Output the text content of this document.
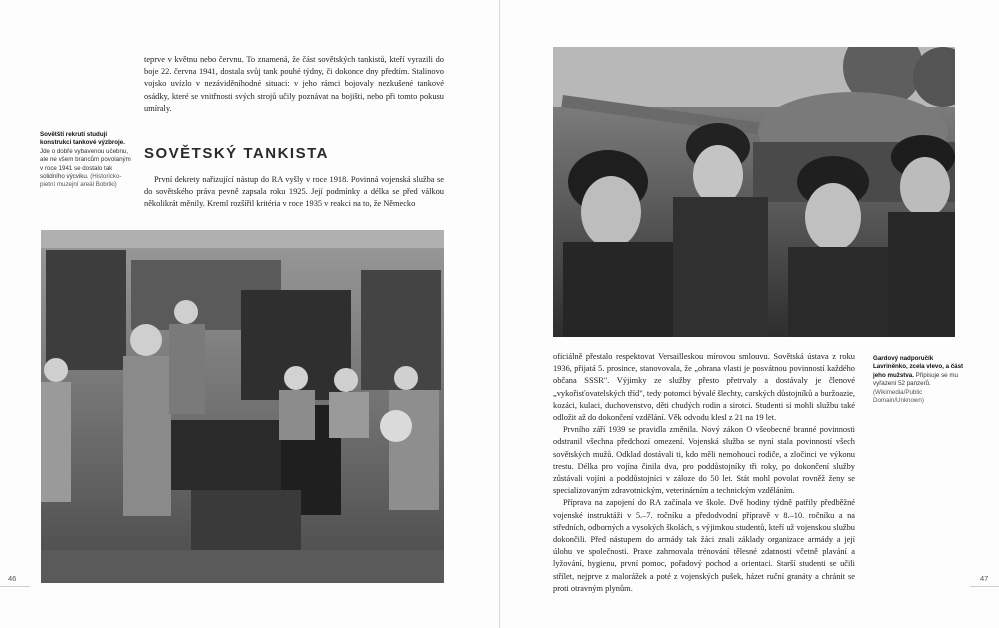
teprve v květnu nebo červnu. To znamená, že část sovětských tankistů, kteří vyrazili do boje 22. června 1941, dostala svůj tank pouhé týdny, či dokonce dny předtím. Stalinovo vojsko uvízlo v nezáviděníhodné situaci: v jeho rámci bojovaly nezkušené tankové osádky, které se vnitřnosti svých strojů učily poznávat na bojišti, nebo při tomto pokusu umíraly.

Sovětští rekruti studují konstrukci tankové výzbroje. Jde o dobře vybavenou učebnu, ale ne všem brancům povolaným v roce 1941 se dostalo tak solidního výcviku. (Historicko-pietní muzejní areál Bobriki)
SOVĚTSKÝ TANKISTA

První dekrety nařizující nástup do RA vyšly v roce 1918. Povinná vojenská služba se do sovětského práva pevně zapsala roku 1925. Její podmínky a délka se před válkou několikrát měnily. Kreml rozšířil kritéria v roce 1935 v reakci na to, že Německo

46
Gardový nadporučík Lavriněnko, zcela vlevo, a část jeho mužstva. Připisuje se mu vyřazení 52 panzerů. (Wikimedia/Public Domain/Unknown)

oficiálně přestalo respektovat Versailleskou mírovou smlouvu. Sovětská ústava z roku 1936, přijatá 5. prosince, stanovovala, že „obrana vlasti je posvátnou povinností každého občana SSSR". Výjimky ze služby přesto přetrvaly a dostávaly je členové „vykořisťovatelských tříd", tedy potomci bývalé šlechty, carských důstojníků a buržoazie, kozáci, kulaci, duchovenstvo, děti chudých rodin a sirotci. Studenti si mohli službu také odložit až do dokončení vzdělání. Věk odvodu klesl z 21 na 19 let.

Prvního září 1939 se pravidla změnila. Nový zákon O všeobecné branné povinnosti odstranil všechna předchozí omezení. Vojenská služba se nyní stala povinností všech sovětských mužů. Odklad dostávali ti, kdo měli nemohoucí rodiče, a zločinci ve výkonu trestu. Délka pro vojína činila dva, pro poddůstojníky tři roky, po dokončení služby zůstávali vojíni a poddůstojníci v záloze do 50 let. Stát mohl povolat rovněž ženy se specializovaným zdravotnickým, veterinárním a technickým vzděláním.

Příprava na zapojení do RA začínala ve škole. Dvě hodiny týdně patřily předběžné vojenské instruktáži v 5.–7. ročníku a předodvodní přípravě v 8.–10. ročníku a na středních, odborných a vysokých školách, s výjimkou studentů, kteří už vojenskou službu dokončili. Před nástupem do armády tak žáci znali základy organizace armády a její úlohu ve společnosti. Praxe zahrnovala trénování tělesné zdatnosti včetně plavání a lyžování, hygienu, první pomoc, pořadový pochod a orientaci. Starší studenti se učili střílet, nejprve z malorážek a poté z vojenských pušek, házet ruční granáty a chránit se proti otravným plynům.

47
